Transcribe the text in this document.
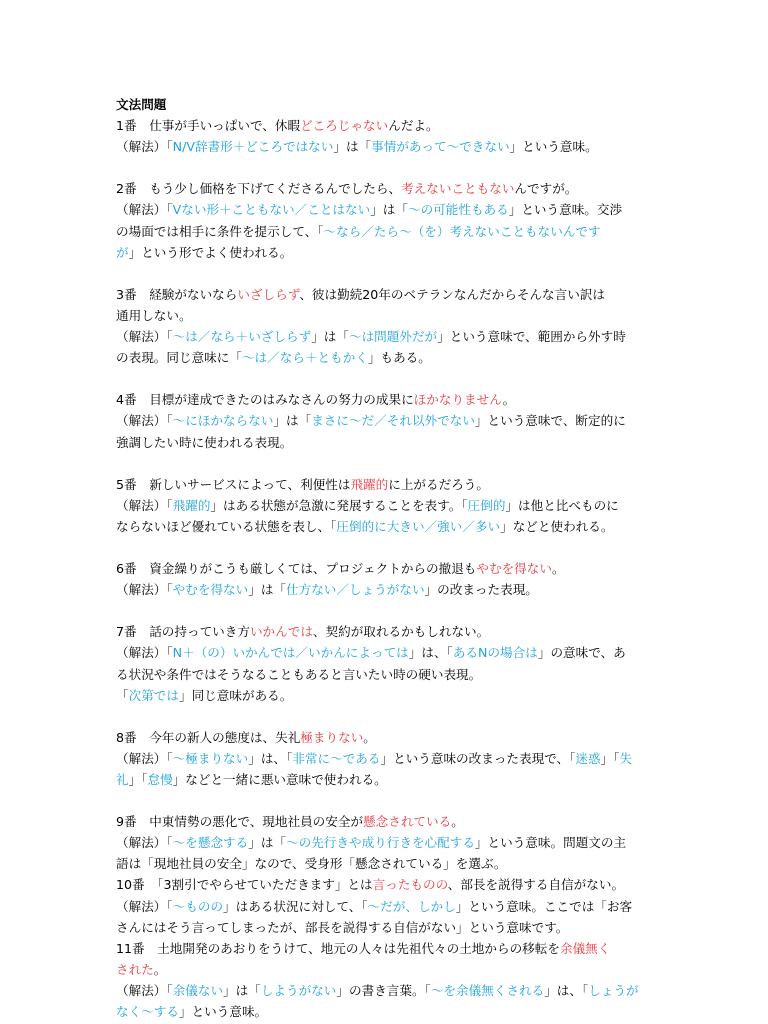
文法問題
1番　仕事が手いっぱいで、休暇どころじゃないんだよ。
（解法）「N/V辞書形＋どころではない」は「事情があって〜できない」という意味。
2番　もう少し価格を下げてくださるんでしたら、考えないこともないんですが。
（解法）「Vない形＋こともない／ことはない」は「〜の可能性もある」という意味。交渉
の場面では相手に条件を提示して、「〜なら／たら〜（を）考えないこともないんです
が」という形でよく使われる。
3番　経験がないならいざしらず、彼は勤続20年のベテランなんだからそんな言い訳は
通用しない。
（解法）「〜は／なら＋いざしらず」は「〜は問題外だが」という意味で、範囲から外す時
の表現。同じ意味に「〜は／なら＋ともかく」もある。
4番　目標が達成できたのはみなさんの努力の成果にほかなりません。
（解法）「〜にほかならない」は「まさに〜だ／それ以外でない」という意味で、断定的に
強調したい時に使われる表現。
5番　新しいサービスによって、利便性は飛躍的に上がるだろう。
（解法）「飛躍的」はある状態が急激に発展することを表す。「圧倒的」は他と比べものに
ならないほど優れている状態を表し、「圧倒的に大きい／強い／多い」などと使われる。
6番　資金繰りがこうも厳しくては、プロジェクトからの撤退もやむを得ない。
（解法）「やむを得ない」は「仕方ない／しょうがない」の改まった表現。
7番　話の持っていき方いかんでは、契約が取れるかもしれない。
（解法）「N＋（の）いかんでは／いかんによっては」は、「あるNの場合は」の意味で、あ
る状況や条件ではそうなることもあると言いたい時の硬い表現。
「次第では」同じ意味がある。
8番　今年の新人の態度は、失礼極まりない。
（解法）「〜極まりない」は、「非常に〜である」という意味の改まった表現で、「迷惑」「失
礼」「怠慢」などと一緒に悪い意味で使われる。
9番　中東情勢の悪化で、現地社員の安全が懸念されている。
（解法）「〜を懸念する」は「〜の先行きや成り行きを心配する」という意味。問題文の主
語は「現地社員の安全」なので、受身形「懸念されている」を選ぶ。
10番　「3割引でやらせていただきます」とは言ったものの、部長を説得する自信がない。
（解法）「〜ものの」はある状況に対して、「〜だが、しかし」という意味。ここでは「お客
さんにはそう言ってしまったが、部長を説得する自信がない」という意味です。
11番　土地開発のあおりをうけて、地元の人々は先祖代々の土地からの移転を余儀無く
された。
（解法）「余儀ない」は「しようがない」の書き言葉。「〜を余儀無くされる」は、「しょうが
なく〜する」という意味。
